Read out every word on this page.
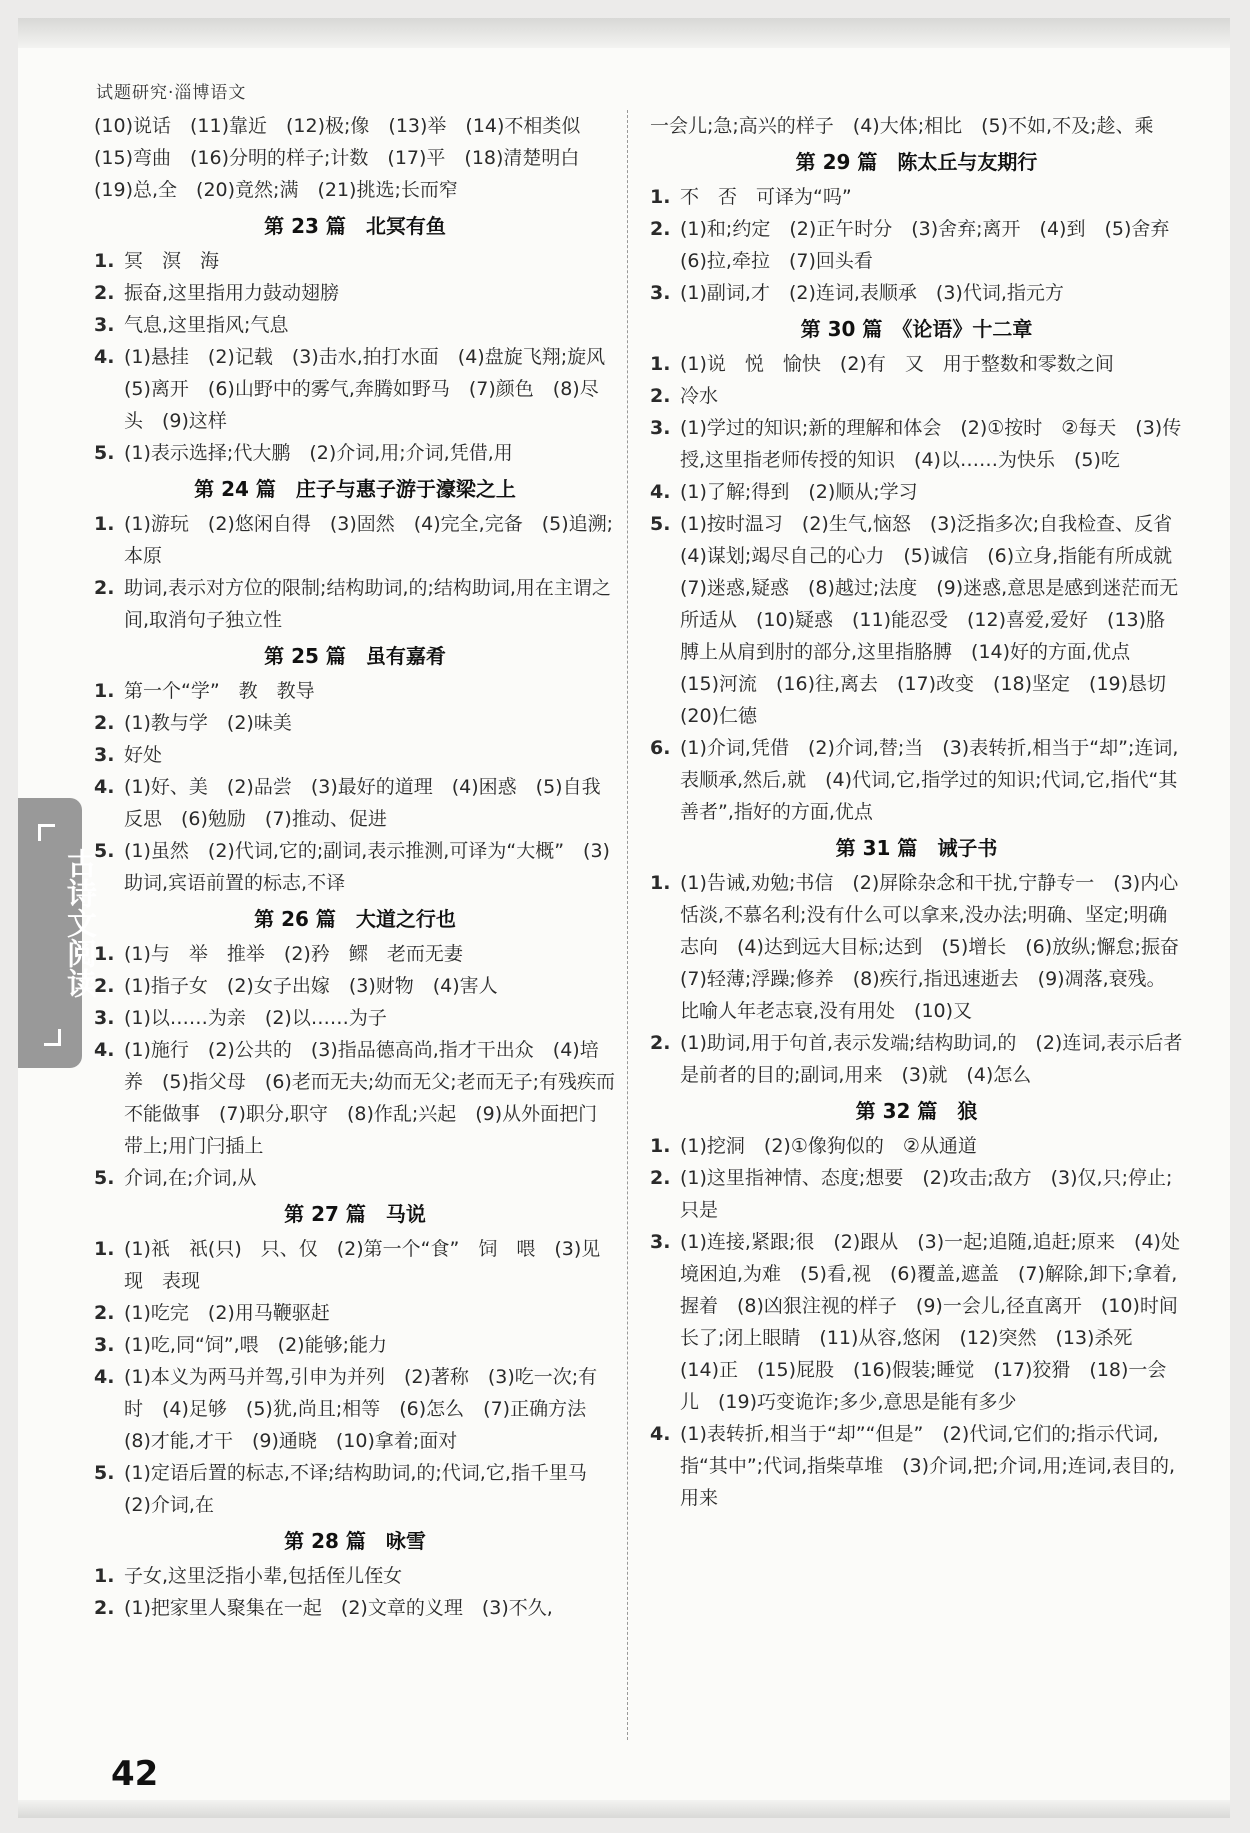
试题研究·淄博语文
(10)说话　(11)靠近　(12)极;像　(13)举　(14)不相类似　(15)弯曲　(16)分明的样子;计数　(17)平　(18)清楚明白　(19)总,全　(20)竟然;满　(21)挑选;长而窄
第 23 篇　北冥有鱼
1. 冥　溟　海
2. 振奋,这里指用力鼓动翅膀
3. 气息,这里指风;气息
4. (1)悬挂　(2)记载　(3)击水,拍打水面　(4)盘旋飞翔;旋风　(5)离开　(6)山野中的雾气,奔腾如野马　(7)颜色　(8)尽头　(9)这样
5. (1)表示选择;代大鹏　(2)介词,用;介词,凭借,用
第 24 篇　庄子与惠子游于濠梁之上
1. (1)游玩　(2)悠闲自得　(3)固然　(4)完全,完备　(5)追溯;本原
2. 助词,表示对方位的限制;结构助词,的;结构助词,用在主谓之间,取消句子独立性
第 25 篇　虽有嘉肴
1. 第一个“学”　教　教导
2. (1)教与学　(2)味美
3. 好处
4. (1)好、美　(2)品尝　(3)最好的道理　(4)困惑　(5)自我反思　(6)勉励　(7)推动、促进
5. (1)虽然　(2)代词,它的;副词,表示推测,可译为“大概”　(3)助词,宾语前置的标志,不译
第 26 篇　大道之行也
1. (1)与　举　推举　(2)矜　鳏　老而无妻
2. (1)指子女　(2)女子出嫁　(3)财物　(4)害人
3. (1)以……为亲　(2)以……为子
4. (1)施行　(2)公共的　(3)指品德高尚,指才干出众　(4)培养　(5)指父母　(6)老而无夫;幼而无父;老而无子;有残疾而不能做事　(7)职分,职守　(8)作乱;兴起　(9)从外面把门带上;用门闩插上
5. 介词,在;介词,从
第 27 篇　马说
1. (1)祇　祇(只)　只、仅　(2)第一个“食”　饲　喂　(3)见　现　表现
2. (1)吃完　(2)用马鞭驱赶
3. (1)吃,同“饲”,喂　(2)能够;能力
4. (1)本义为两马并驾,引申为并列　(2)著称　(3)吃一次;有时　(4)足够　(5)犹,尚且;相等　(6)怎么　(7)正确方法　(8)才能,才干　(9)通晓　(10)拿着;面对
5. (1)定语后置的标志,不译;结构助词,的;代词,它,指千里马　(2)介词,在
第 28 篇　咏雪
1. 子女,这里泛指小辈,包括侄儿侄女
2. (1)把家里人聚集在一起　(2)文章的义理　(3)不久,
一会儿;急;高兴的样子　(4)大体;相比　(5)不如,不及;趁、乘
第 29 篇　陈太丘与友期行
1. 不　否　可译为“吗”
2. (1)和;约定　(2)正午时分　(3)舍弃;离开　(4)到　(5)舍弃　(6)拉,牵拉　(7)回头看
3. (1)副词,才　(2)连词,表顺承　(3)代词,指元方
第 30 篇　《论语》十二章
1. (1)说　悦　愉快　(2)有　又　用于整数和零数之间
2. 冷水
3. (1)学过的知识;新的理解和体会　(2)①按时　②每天　(3)传授,这里指老师传授的知识　(4)以……为快乐　(5)吃
4. (1)了解;得到　(2)顺从;学习
5. (1)按时温习　(2)生气,恼怒　(3)泛指多次;自我检查、反省　(4)谋划;竭尽自己的心力　(5)诚信　(6)立身,指能有所成就　(7)迷惑,疑惑　(8)越过;法度　(9)迷惑,意思是感到迷茫而无所适从　(10)疑惑　(11)能忍受　(12)喜爱,爱好　(13)胳膊上从肩到肘的部分,这里指胳膊　(14)好的方面,优点　(15)河流　(16)往,离去　(17)改变　(18)坚定　(19)恳切　(20)仁德
6. (1)介词,凭借　(2)介词,替;当　(3)表转折,相当于“却”;连词,表顺承,然后,就　(4)代词,它,指学过的知识;代词,它,指代“其善者”,指好的方面,优点
第 31 篇　诫子书
1. (1)告诫,劝勉;书信　(2)屏除杂念和干扰,宁静专一　(3)内心恬淡,不慕名利;没有什么可以拿来,没办法;明确、坚定;明确志向　(4)达到远大目标;达到　(5)增长　(6)放纵;懈怠;振奋　(7)轻薄;浮躁;修养　(8)疾行,指迅速逝去　(9)凋落,衰残。比喻人年老志衰,没有用处　(10)又
2. (1)助词,用于句首,表示发端;结构助词,的　(2)连词,表示后者是前者的目的;副词,用来　(3)就　(4)怎么
第 32 篇　狼
1. (1)挖洞　(2)①像狗似的　②从通道
2. (1)这里指神情、态度;想要　(2)攻击;敌方　(3)仅,只;停止;只是
3. (1)连接,紧跟;很　(2)跟从　(3)一起;追随,追赶;原来　(4)处境困迫,为难　(5)看,视　(6)覆盖,遮盖　(7)解除,卸下;拿着,握着　(8)凶狠注视的样子　(9)一会儿,径直离开　(10)时间长了;闭上眼睛　(11)从容,悠闲　(12)突然　(13)杀死　(14)正　(15)屁股　(16)假装;睡觉　(17)狡猾　(18)一会儿　(19)巧变诡诈;多少,意思是能有多少
4. (1)表转折,相当于“却”“但是”　(2)代词,它们的;指示代词,指“其中”;代词,指柴草堆　(3)介词,把;介词,用;连词,表目的,用来
古诗文阅读
42
